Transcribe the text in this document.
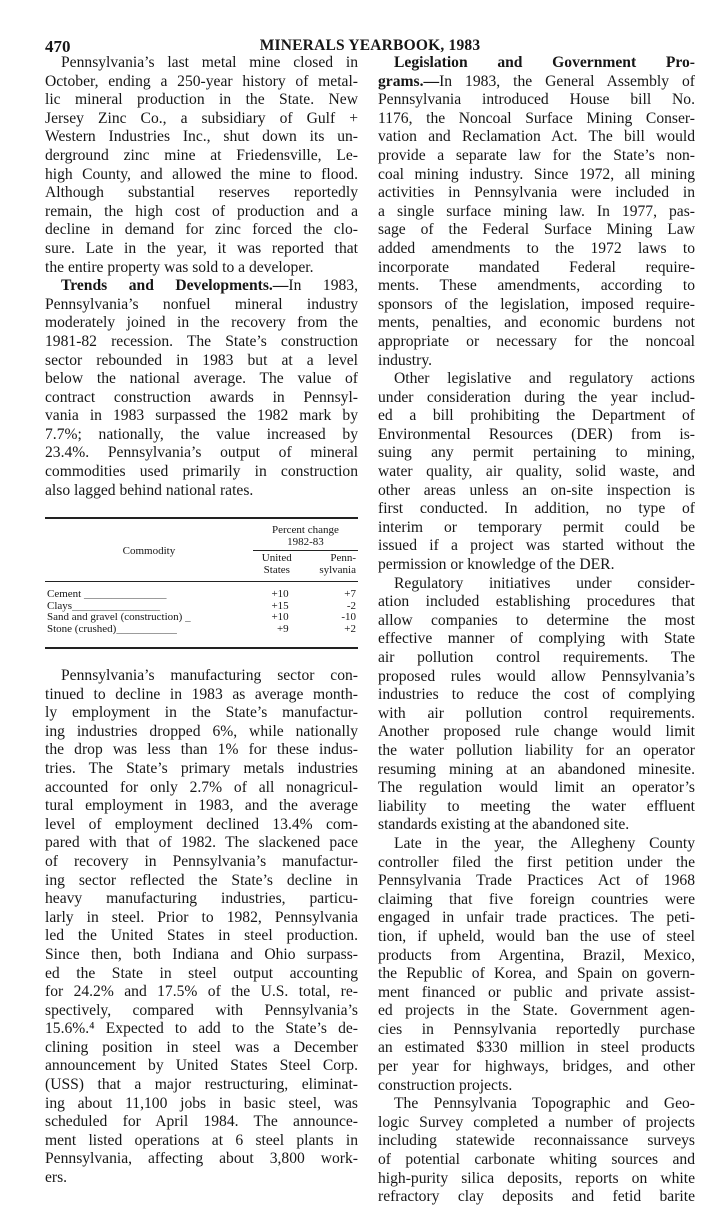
470	MINERALS YEARBOOK, 1983
Pennsylvania’s last metal mine closed in
October, ending a 250-year history of metal-
lic mineral production in the State. New
Jersey Zinc Co., a subsidiary of Gulf +
Western Industries Inc., shut down its un-
derground zinc mine at Friedensville, Le-
high County, and allowed the mine to flood.
Although substantial reserves reportedly
remain, the high cost of production and a
decline in demand for zinc forced the clo-
sure. Late in the year, it was reported that
the entire property was sold to a developer.
Trends and Developments.—In 1983,
Pennsylvania’s nonfuel mineral industry
moderately joined in the recovery from the
1981-82 recession. The State’s construction
sector rebounded in 1983 but at a level
below the national average. The value of
contract construction awards in Pennsyl-
vania in 1983 surpassed the 1982 mark by
7.7%; nationally, the value increased by
23.4%. Pennsylvania’s output of mineral
commodities used primarily in construction
also lagged behind national rates.
Commodity	Percent change
1982-83	
	United
States	Penn-
sylvania
Cement _______________	+10	+7
Clays________________	+15	-2
Sand and gravel (construction) _	+10	-10
Stone (crushed)___________	+9	+2
Pennsylvania’s manufacturing sector con-
tinued to decline in 1983 as average month-
ly employment in the State’s manufactur-
ing industries dropped 6%, while nationally
the drop was less than 1% for these indus-
tries. The State’s primary metals industries
accounted for only 2.7% of all nonagricul-
tural employment in 1983, and the average
level of employment declined 13.4% com-
pared with that of 1982. The slackened pace
of recovery in Pennsylvania’s manufactur-
ing sector reflected the State’s decline in
heavy manufacturing industries, particu-
larly in steel. Prior to 1982, Pennsylvania
led the United States in steel production.
Since then, both Indiana and Ohio surpass-
ed the State in steel output accounting
for 24.2% and 17.5% of the U.S. total, re-
spectively, compared with Pennsylvania’s
15.6%.⁴ Expected to add to the State’s de-
clining position in steel was a December
announcement by United States Steel Corp.
(USS) that a major restructuring, eliminat-
ing about 11,100 jobs in basic steel, was
scheduled for April 1984. The announce-
ment listed operations at 6 steel plants in
Pennsylvania, affecting about 3,800 work-
ers.
Legislation and Government Pro-
grams.—In 1983, the General Assembly of
Pennsylvania introduced House bill No.
1176, the Noncoal Surface Mining Conser-
vation and Reclamation Act. The bill would
provide a separate law for the State’s non-
coal mining industry. Since 1972, all mining
activities in Pennsylvania were included in
a single surface mining law. In 1977, pas-
sage of the Federal Surface Mining Law
added amendments to the 1972 laws to
incorporate mandated Federal require-
ments. These amendments, according to
sponsors of the legislation, imposed require-
ments, penalties, and economic burdens not
appropriate or necessary for the noncoal
industry.
Other legislative and regulatory actions
under consideration during the year includ-
ed a bill prohibiting the Department of
Environmental Resources (DER) from is-
suing any permit pertaining to mining,
water quality, air quality, solid waste, and
other areas unless an on-site inspection is
first conducted. In addition, no type of
interim or temporary permit could be
issued if a project was started without the
permission or knowledge of the DER.
Regulatory initiatives under consider-
ation included establishing procedures that
allow companies to determine the most
effective manner of complying with State
air pollution control requirements. The
proposed rules would allow Pennsylvania’s
industries to reduce the cost of complying
with air pollution control requirements.
Another proposed rule change would limit
the water pollution liability for an operator
resuming mining at an abandoned minesite.
The regulation would limit an operator’s
liability to meeting the water effluent
standards existing at the abandoned site.
Late in the year, the Allegheny County
controller filed the first petition under the
Pennsylvania Trade Practices Act of 1968
claiming that five foreign countries were
engaged in unfair trade practices. The peti-
tion, if upheld, would ban the use of steel
products from Argentina, Brazil, Mexico,
the Republic of Korea, and Spain on govern-
ment financed or public and private assist-
ed projects in the State. Government agen-
cies in Pennsylvania reportedly purchase
an estimated $330 million in steel products
per year for highways, bridges, and other
construction projects.
The Pennsylvania Topographic and Geo-
logic Survey completed a number of projects
including statewide reconnaissance surveys
of potential carbonate whiting sources and
high-purity silica deposits, reports on white
refractory clay deposits and fetid barite
